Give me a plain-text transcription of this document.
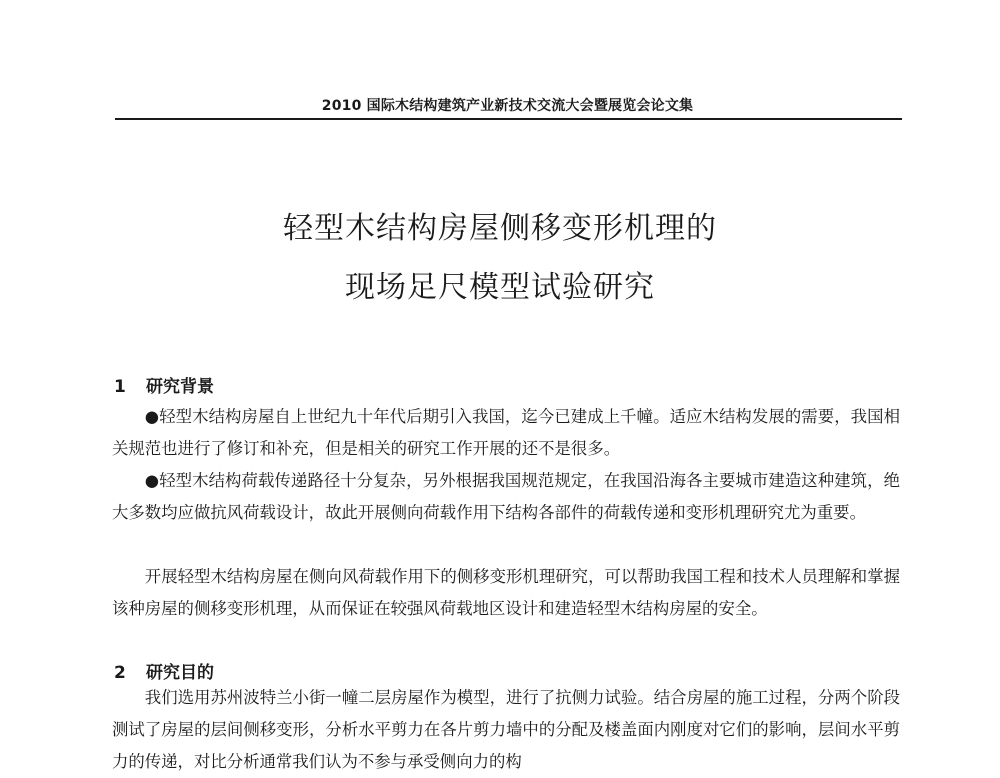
2010 国际木结构建筑产业新技术交流大会暨展览会论文集
轻型木结构房屋侧移变形机理的
现场足尺模型试验研究
1 研究背景

●轻型木结构房屋自上世纪九十年代后期引入我国，迄今已建成上千幢。适应木结构发展的需要，我国相关规范也进行了修订和补充，但是相关的研究工作开展的还不是很多。

●轻型木结构荷载传递路径十分复杂，另外根据我国规范规定，在我国沿海各主要城市建造这种建筑，绝大多数均应做抗风荷载设计，故此开展侧向荷载作用下结构各部件的荷载传递和变形机理研究尤为重要。

开展轻型木结构房屋在侧向风荷载作用下的侧移变形机理研究，可以帮助我国工程和技术人员理解和掌握该种房屋的侧移变形机理，从而保证在较强风荷载地区设计和建造轻型木结构房屋的安全。

2 研究目的

我们选用苏州波特兰小街一幢二层房屋作为模型，进行了抗侧力试验。结合房屋的施工过程，分两个阶段测试了房屋的层间侧移变形，分析水平剪力在各片剪力墙中的分配及楼盖面内刚度对它们的影响，层间水平剪力的传递，对比分析通常我们认为不参与承受侧向力的构
